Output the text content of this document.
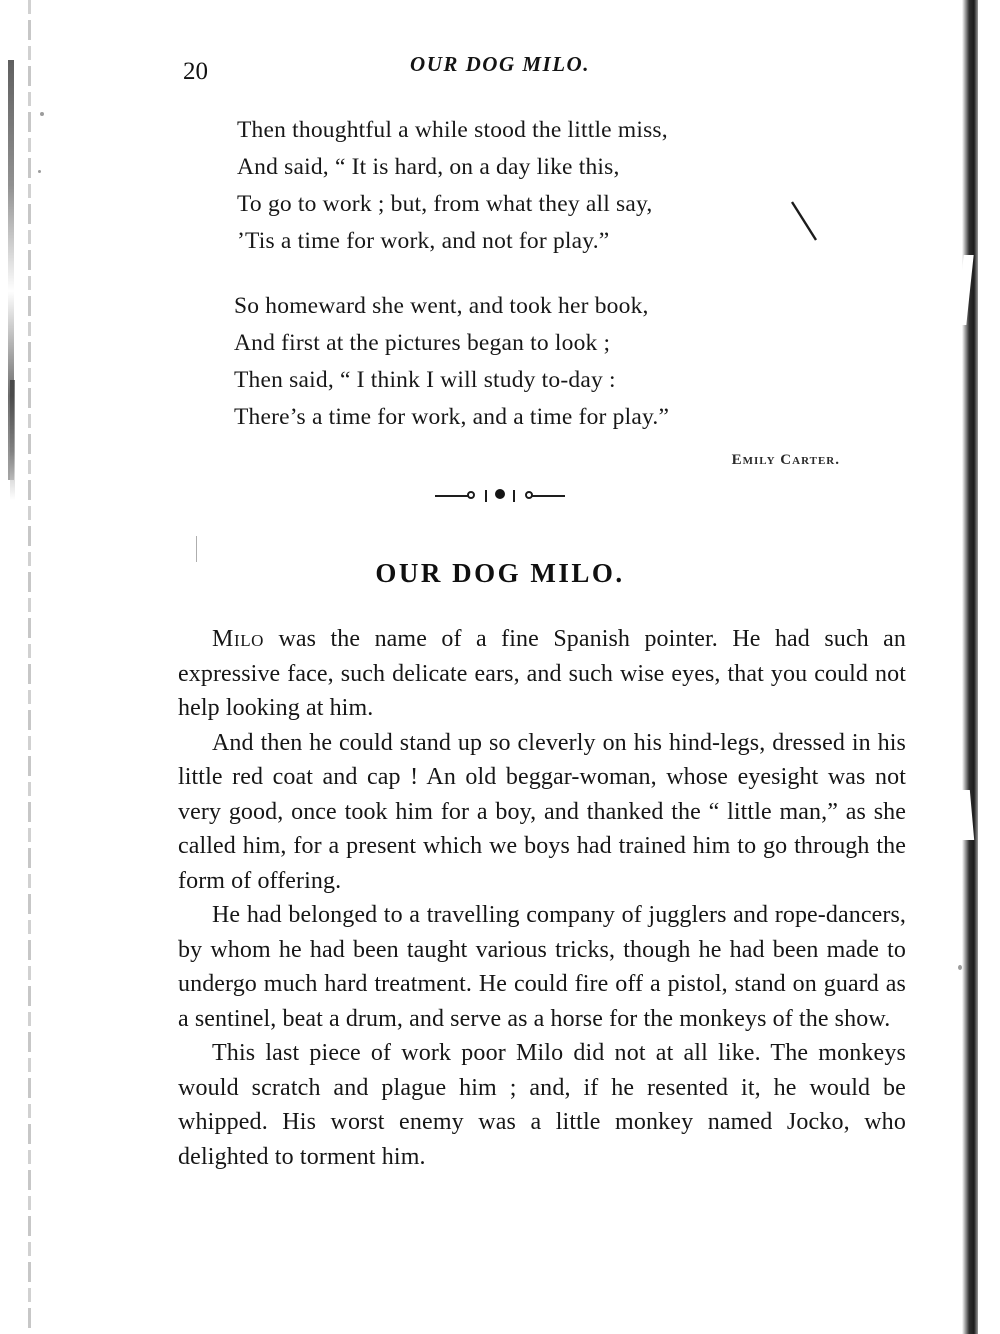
20	OUR DOG MILO.
Then thoughtful a while stood the little miss,
And said, “ It is hard, on a day like this,
To go to work ; but, from what they all say,
’Tis a time for work, and not for play.”
So homeward she went, and took her book,
And first at the pictures began to look ;
Then said, “ I think I will study to-day :
There’s a time for work, and a time for play.”
Emily Carter.
OUR DOG MILO.

Milo was the name of a fine Spanish pointer. He had such an expressive face, such delicate ears, and such wise eyes, that you could not help looking at him.

And then he could stand up so cleverly on his hind-legs, dressed in his little red coat and cap ! An old beggar-woman, whose eyesight was not very good, once took him for a boy, and thanked the “ little man,” as she called him, for a present which we boys had trained him to go through the form of offering.

He had belonged to a travelling company of jugglers and rope-dancers, by whom he had been taught various tricks, though he had been made to undergo much hard treatment. He could fire off a pistol, stand on guard as a sentinel, beat a drum, and serve as a horse for the monkeys of the show.

This last piece of work poor Milo did not at all like. The monkeys would scratch and plague him ; and, if he resented it, he would be whipped. His worst enemy was a little monkey named Jocko, who delighted to torment him.
